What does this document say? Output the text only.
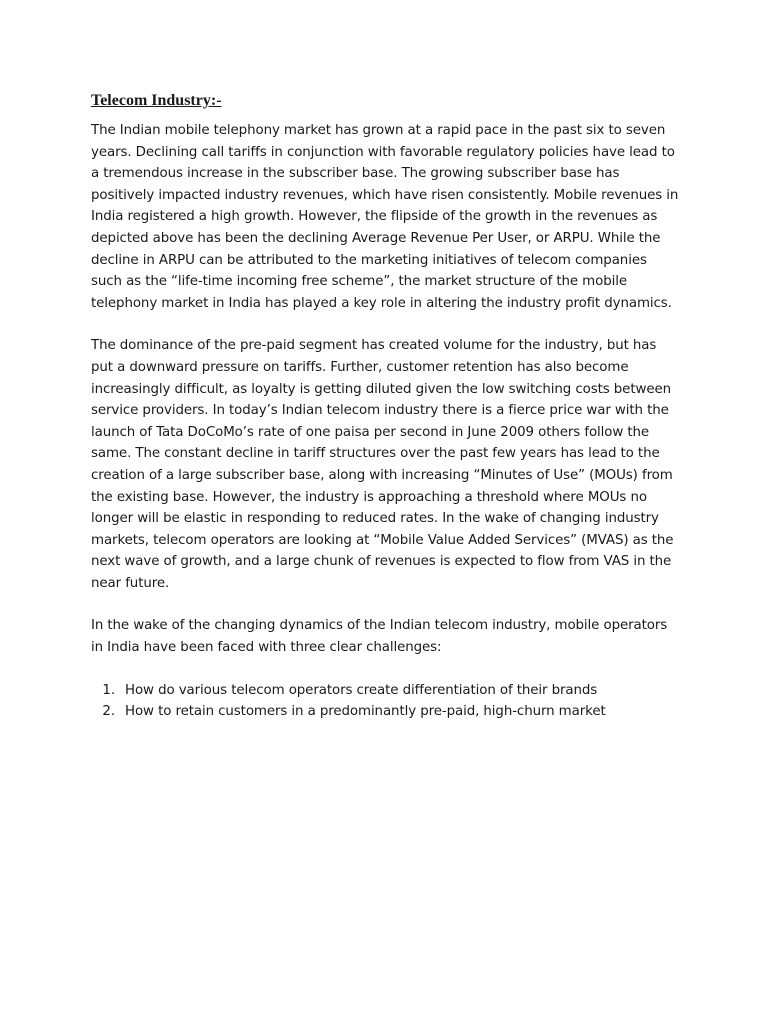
Telecom Industry:-

The Indian mobile telephony market has grown at a rapid pace in the past six to seven years. Declining call tariffs in conjunction with favorable regulatory policies have lead to a tremendous increase in the subscriber base. The growing subscriber base has positively impacted industry revenues, which have risen consistently. Mobile revenues in India registered a high growth. However, the flipside of the growth in the revenues as depicted above has been the declining Average Revenue Per User, or ARPU. While the decline in ARPU can be attributed to the marketing initiatives of telecom companies such as the “life-time incoming free scheme”, the market structure of the mobile telephony market in India has played a key role in altering the industry profit dynamics.

The dominance of the pre-paid segment has created volume for the industry, but has put a downward pressure on tariffs. Further, customer retention has also become increasingly difficult, as loyalty is getting diluted given the low switching costs between service providers. In today’s Indian telecom industry there is a fierce price war with the launch of Tata DoCoMo’s rate of one paisa per second in June 2009 others follow the same. The constant decline in tariff structures over the past few years has lead to the creation of a large subscriber base, along with increasing “Minutes of Use” (MOUs) from the existing base. However, the industry is approaching a threshold where MOUs no longer will be elastic in responding to reduced rates. In the wake of changing industry markets, telecom operators are looking at “Mobile Value Added Services” (MVAS) as the next wave of growth, and a large chunk of revenues is expected to flow from VAS in the near future.

In the wake of the changing dynamics of the Indian telecom industry, mobile operators in India have been faced with three clear challenges:

1. How do various telecom operators create differentiation of their brands
2. How to retain customers in a predominantly pre-paid, high-churn market
